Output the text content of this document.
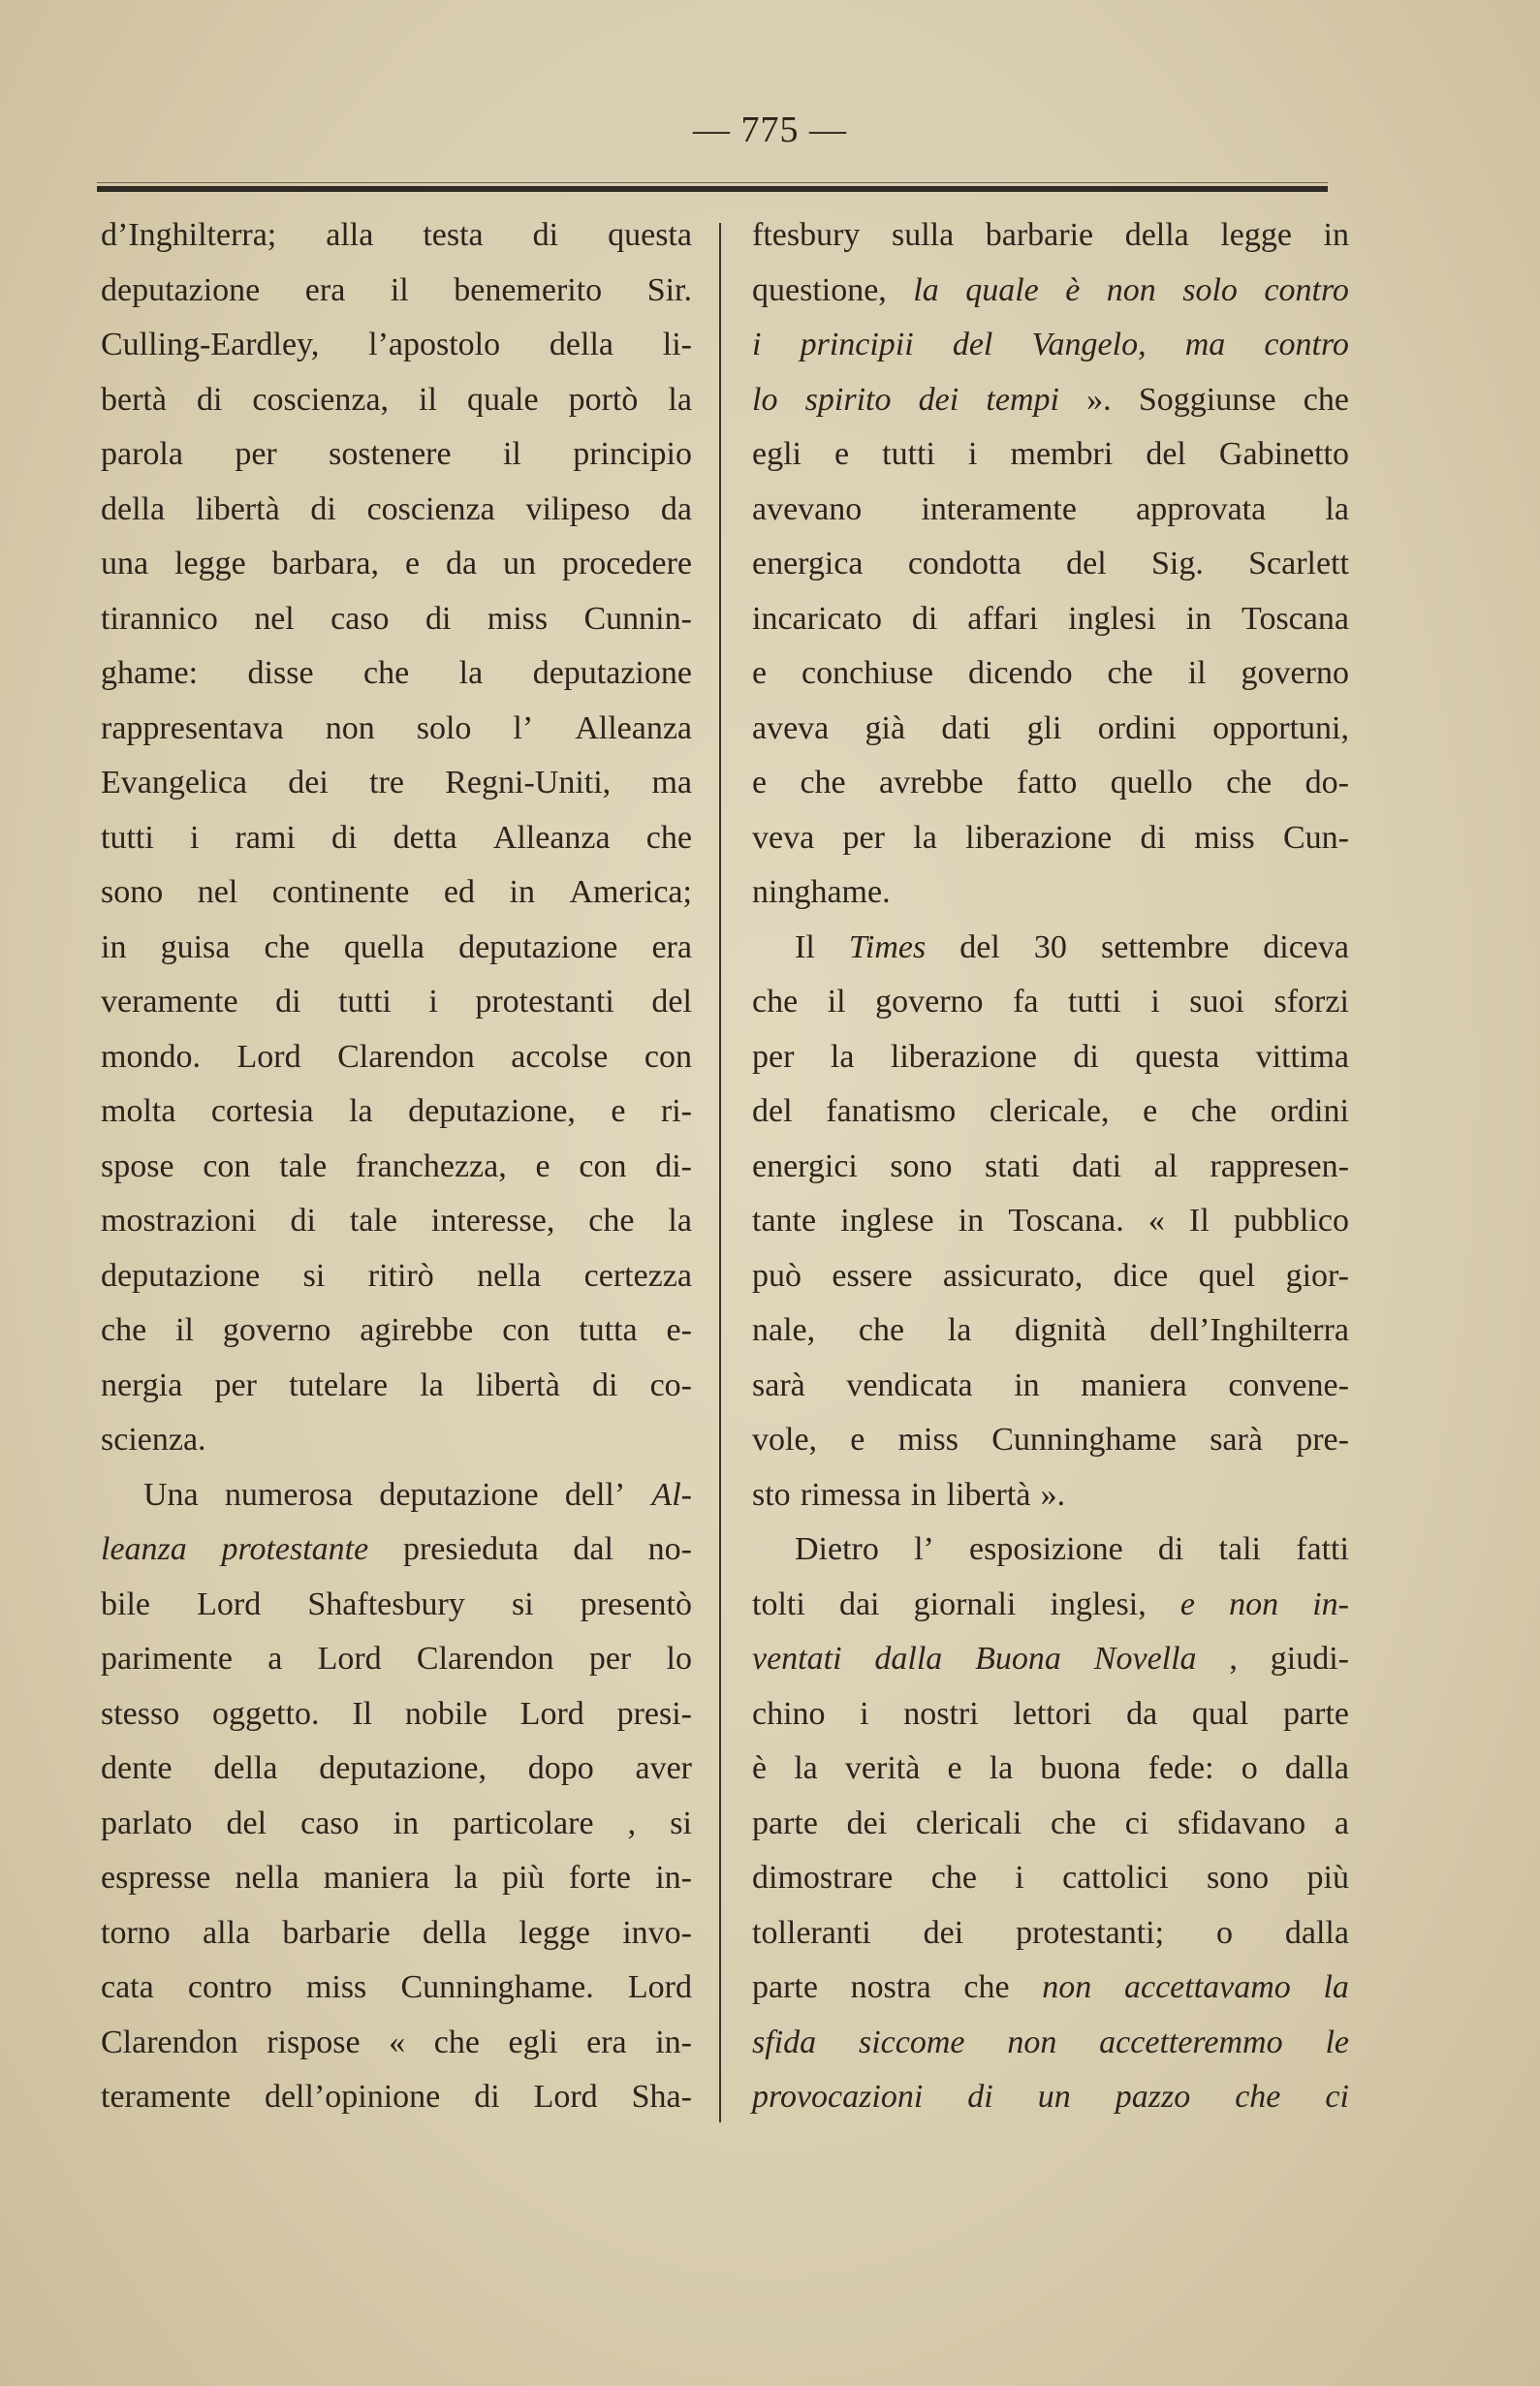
— 775 —
d’Inghilterra; alla testa di questa
deputazione era il benemerito Sir.
Culling-Eardley, l’apostolo della li-
bertà di coscienza, il quale portò la
parola per sostenere il principio
della libertà di coscienza vilipeso da
una legge barbara, e da un procedere
tirannico nel caso di miss Cunnin-
ghame: disse che la deputazione
rappresentava non solo l’ Alleanza
Evangelica dei tre Regni-Uniti, ma
tutti i rami di detta Alleanza che
sono nel continente ed in America;
in guisa che quella deputazione era
veramente di tutti i protestanti del
mondo. Lord Clarendon accolse con
molta cortesia la deputazione, e ri-
spose con tale franchezza, e con di-
mostrazioni di tale interesse, che la
deputazione si ritirò nella certezza
che il governo agirebbe con tutta e-
nergia per tutelare la libertà di co-
scienza.
Una numerosa deputazione dell’ Al-
leanza protestante presieduta dal no-
bile Lord Shaftesbury si presentò
parimente a Lord Clarendon per lo
stesso oggetto. Il nobile Lord presi-
dente della deputazione, dopo aver
parlato del caso in particolare , si
espresse nella maniera la più forte in-
torno alla barbarie della legge invo-
cata contro miss Cunninghame. Lord
Clarendon rispose « che egli era in-
teramente dell’opinione di Lord Sha-
ftesbury sulla barbarie della legge in
questione, la quale è non solo contro
i principii del Vangelo, ma contro
lo spirito dei tempi ». Soggiunse che
egli e tutti i membri del Gabinetto
avevano interamente approvata la
energica condotta del Sig. Scarlett
incaricato di affari inglesi in Toscana
e conchiuse dicendo che il governo
aveva già dati gli ordini opportuni,
e che avrebbe fatto quello che do-
veva per la liberazione di miss Cun-
ninghame.
Il Times del 30 settembre diceva
che il governo fa tutti i suoi sforzi
per la liberazione di questa vittima
del fanatismo clericale, e che ordini
energici sono stati dati al rappresen-
tante inglese in Toscana. « Il pubblico
può essere assicurato, dice quel gior-
nale, che la dignità dell’Inghilterra
sarà vendicata in maniera convene-
vole, e miss Cunninghame sarà pre-
sto rimessa in libertà ».
Dietro l’ esposizione di tali fatti
tolti dai giornali inglesi, e non in-
ventati dalla Buona Novella , giudi-
chino i nostri lettori da qual parte
è la verità e la buona fede: o dalla
parte dei clericali che ci sfidavano a
dimostrare che i cattolici sono più
tolleranti dei protestanti; o dalla
parte nostra che non accettavamo la
sfida siccome non accetteremmo le
provocazioni di un pazzo che ci
